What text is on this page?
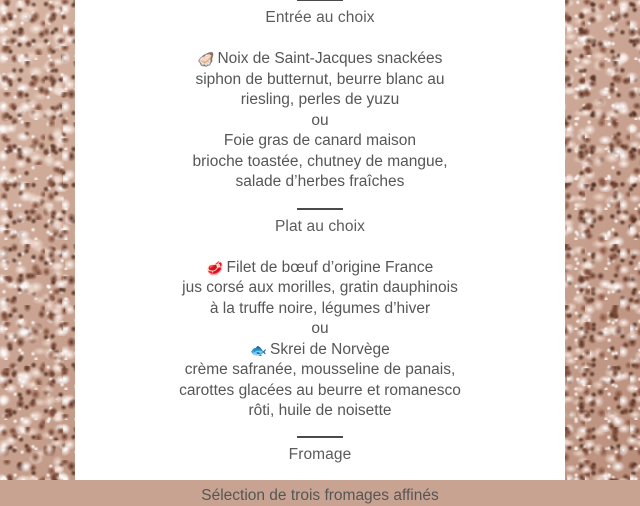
Entrée au choix
🦪 Noix de Saint-Jacques snackées
siphon de butternut, beurre blanc au
riesling, perles de yuzu
ou
Foie gras de canard maison
brioche toastée, chutney de mangue,
salade d’herbes fraîches
Plat au choix
🥩 Filet de bœuf d’origine France
jus corsé aux morilles, gratin dauphinois
à la truffe noire, légumes d’hiver
ou
🐟 Skrei de Norvège
crème safranée, mousseline de panais,
carottes glacées au beurre et romanesco
rôti, huile de noisette
Fromage
Sélection de trois fromages affinés
